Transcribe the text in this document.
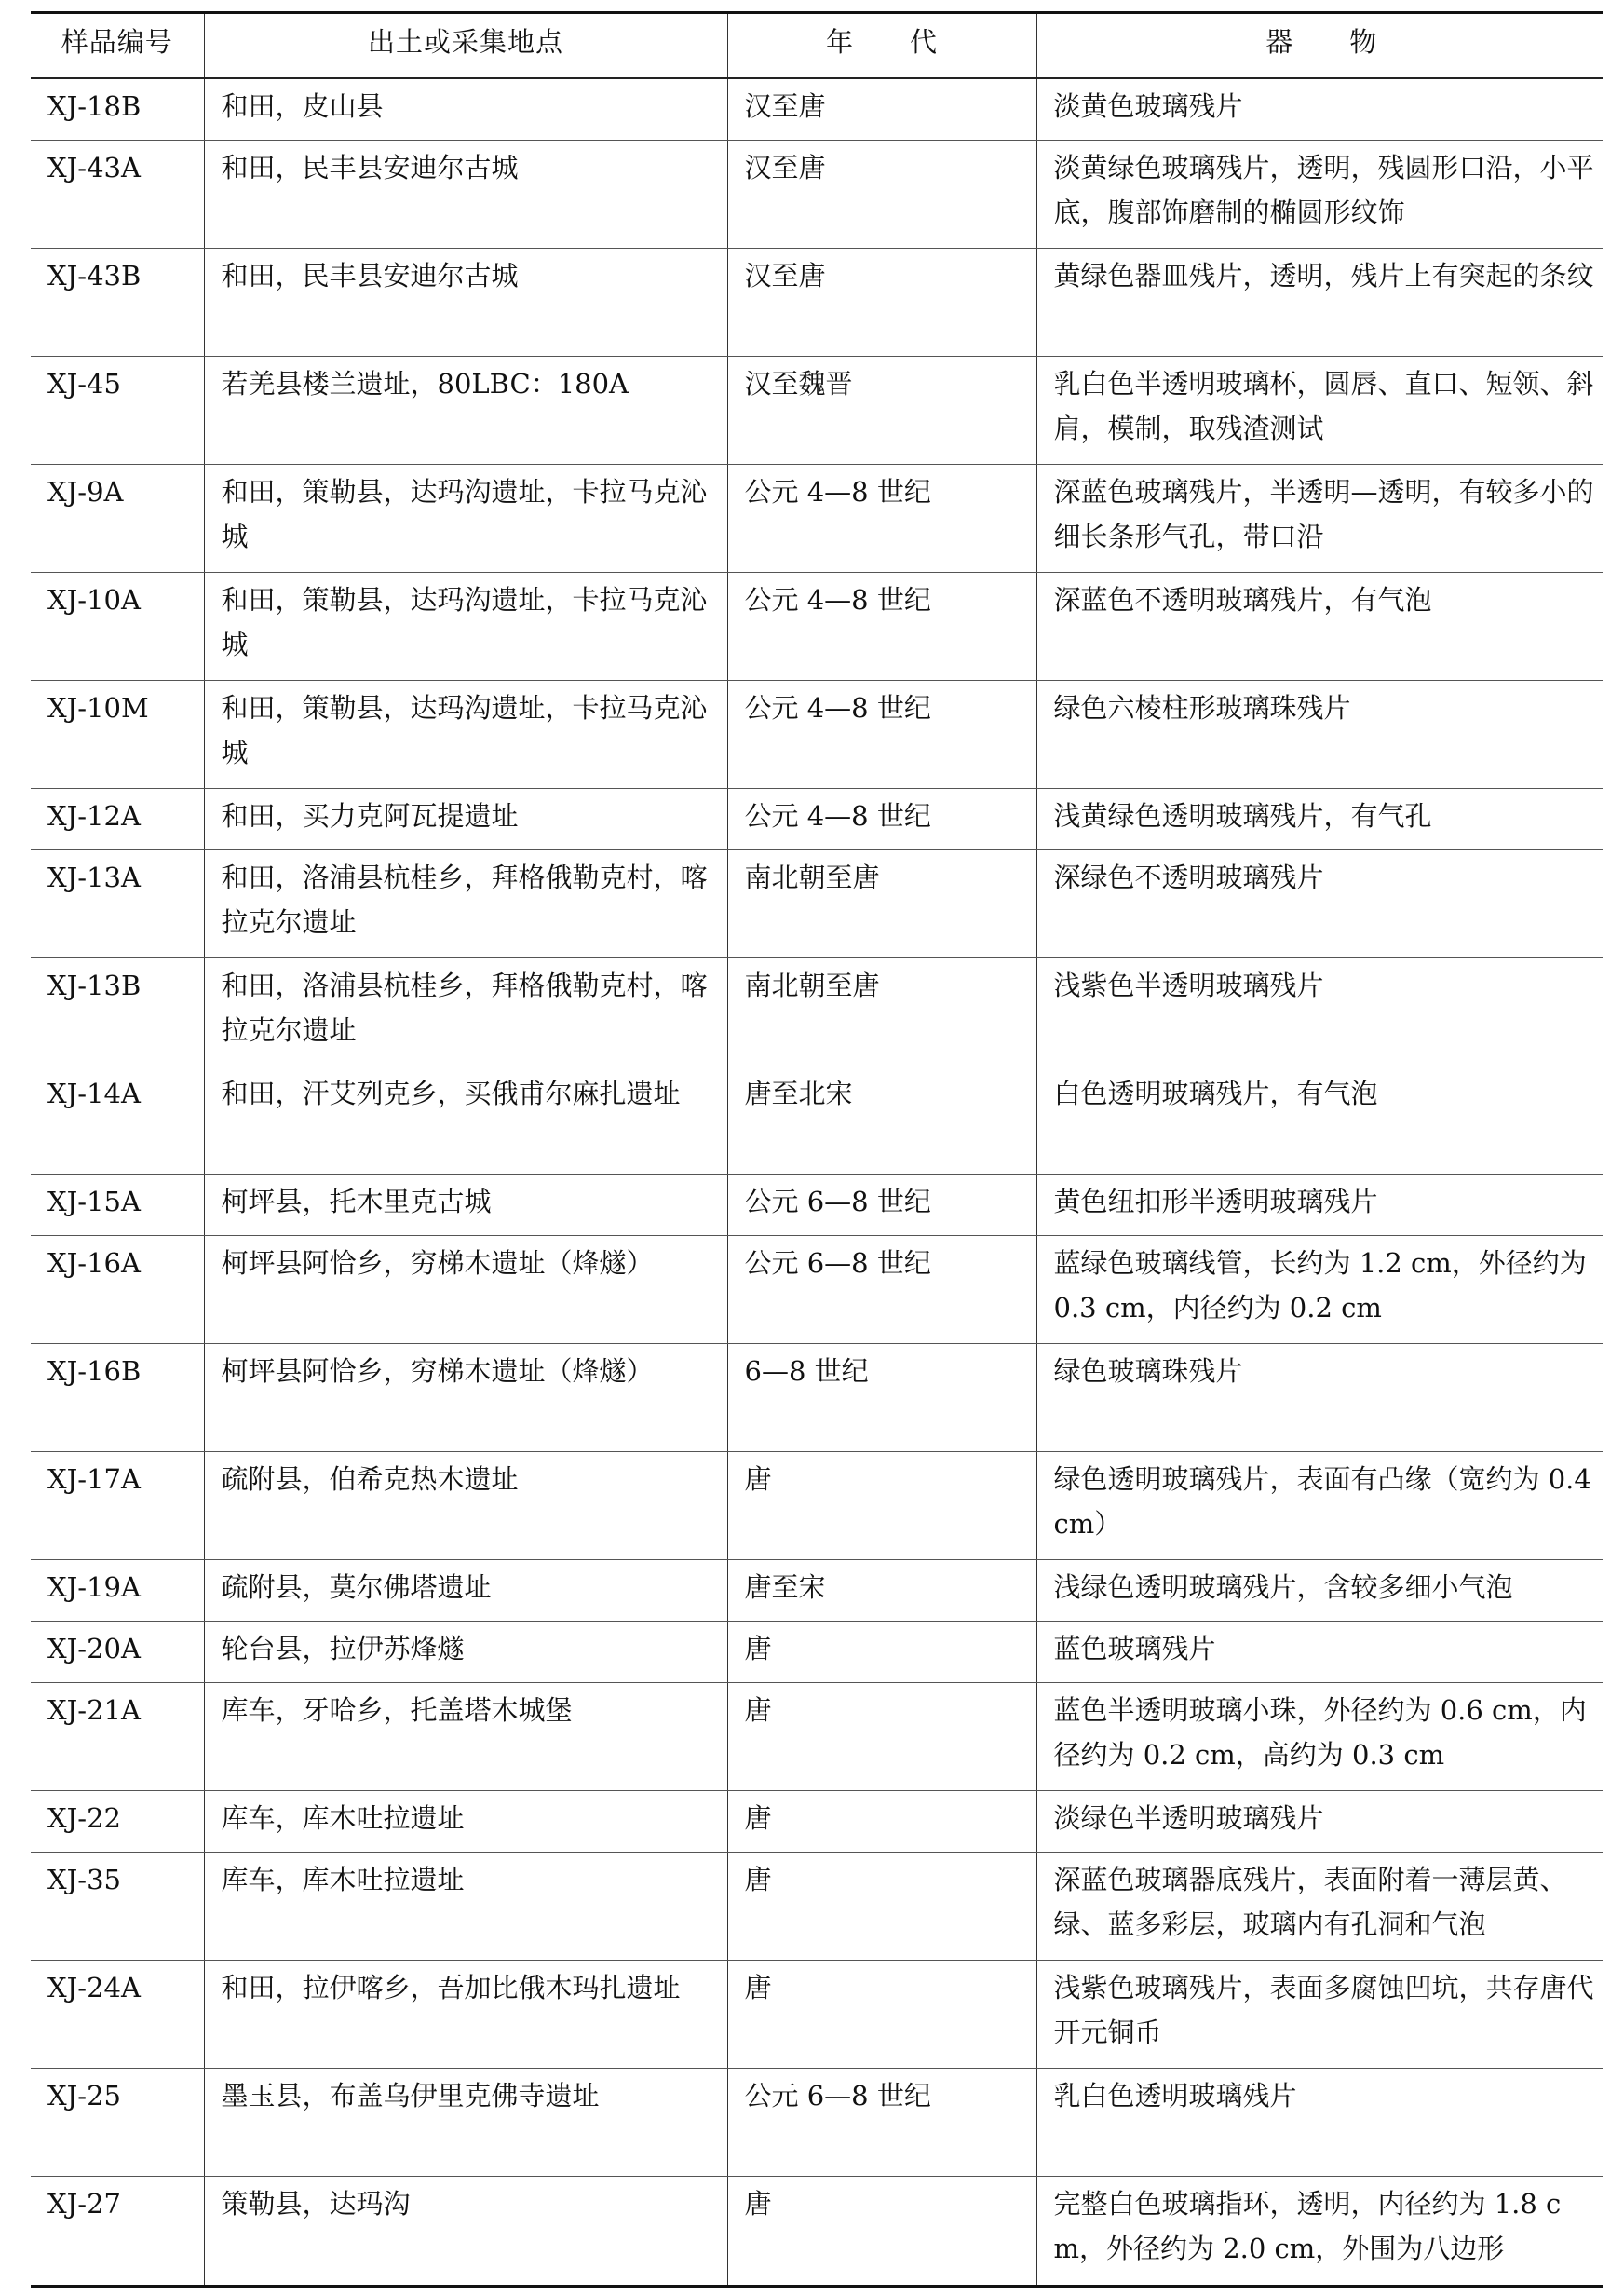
样品编号	出土或采集地点	年　　代	器　　物
XJ-18B	和田，皮山县	汉至唐	淡黄色玻璃残片
XJ-43A	和田，民丰县安迪尔古城	汉至唐	淡黄绿色玻璃残片，透明，残圆形口沿，小平底，腹部饰磨制的椭圆形纹饰
XJ-43B	和田，民丰县安迪尔古城	汉至唐	黄绿色器皿残片，透明，残片上有突起的条纹
XJ-45	若羌县楼兰遗址，80LBC：180A	汉至魏晋	乳白色半透明玻璃杯，圆唇、直口、短领、斜肩，模制，取残渣测试
XJ-9A	和田，策勒县，达玛沟遗址，卡拉马克沁城	公元 4—8 世纪	深蓝色玻璃残片，半透明—透明，有较多小的细长条形气孔，带口沿
XJ-10A	和田，策勒县，达玛沟遗址，卡拉马克沁城	公元 4—8 世纪	深蓝色不透明玻璃残片，有气泡
XJ-10M	和田，策勒县，达玛沟遗址，卡拉马克沁城	公元 4—8 世纪	绿色六棱柱形玻璃珠残片
XJ-12A	和田，买力克阿瓦提遗址	公元 4—8 世纪	浅黄绿色透明玻璃残片，有气孔
XJ-13A	和田，洛浦县杭桂乡，拜格俄勒克村，喀拉克尔遗址	南北朝至唐	深绿色不透明玻璃残片
XJ-13B	和田，洛浦县杭桂乡，拜格俄勒克村，喀拉克尔遗址	南北朝至唐	浅紫色半透明玻璃残片
XJ-14A	和田，汗艾列克乡，买俄甫尔麻扎遗址	唐至北宋	白色透明玻璃残片，有气泡
XJ-15A	柯坪县，托木里克古城	公元 6—8 世纪	黄色纽扣形半透明玻璃残片
XJ-16A	柯坪县阿恰乡，穷梯木遗址（烽燧）	公元 6—8 世纪	蓝绿色玻璃线管，长约为 1.2 cm，外径约为 0.3 cm，内径约为 0.2 cm
XJ-16B	柯坪县阿恰乡，穷梯木遗址（烽燧）	6—8 世纪	绿色玻璃珠残片
XJ-17A	疏附县，伯希克热木遗址	唐	绿色透明玻璃残片，表面有凸缘（宽约为 0.4 cm）
XJ-19A	疏附县，莫尔佛塔遗址	唐至宋	浅绿色透明玻璃残片，含较多细小气泡
XJ-20A	轮台县，拉伊苏烽燧	唐	蓝色玻璃残片
XJ-21A	库车，牙哈乡，托盖塔木城堡	唐	蓝色半透明玻璃小珠，外径约为 0.6 cm，内径约为 0.2 cm，高约为 0.3 cm
XJ-22	库车，库木吐拉遗址	唐	淡绿色半透明玻璃残片
XJ-35	库车，库木吐拉遗址	唐	深蓝色玻璃器底残片，表面附着一薄层黄、绿、蓝多彩层，玻璃内有孔洞和气泡
XJ-24A	和田，拉伊喀乡，吾加比俄木玛扎遗址	唐	浅紫色玻璃残片，表面多腐蚀凹坑，共存唐代开元铜币
XJ-25	墨玉县，布盖乌伊里克佛寺遗址	公元 6—8 世纪	乳白色透明玻璃残片
XJ-27	策勒县，达玛沟	唐	完整白色玻璃指环，透明，内径约为 1.8 cm，外径约为 2.0 cm，外围为八边形
